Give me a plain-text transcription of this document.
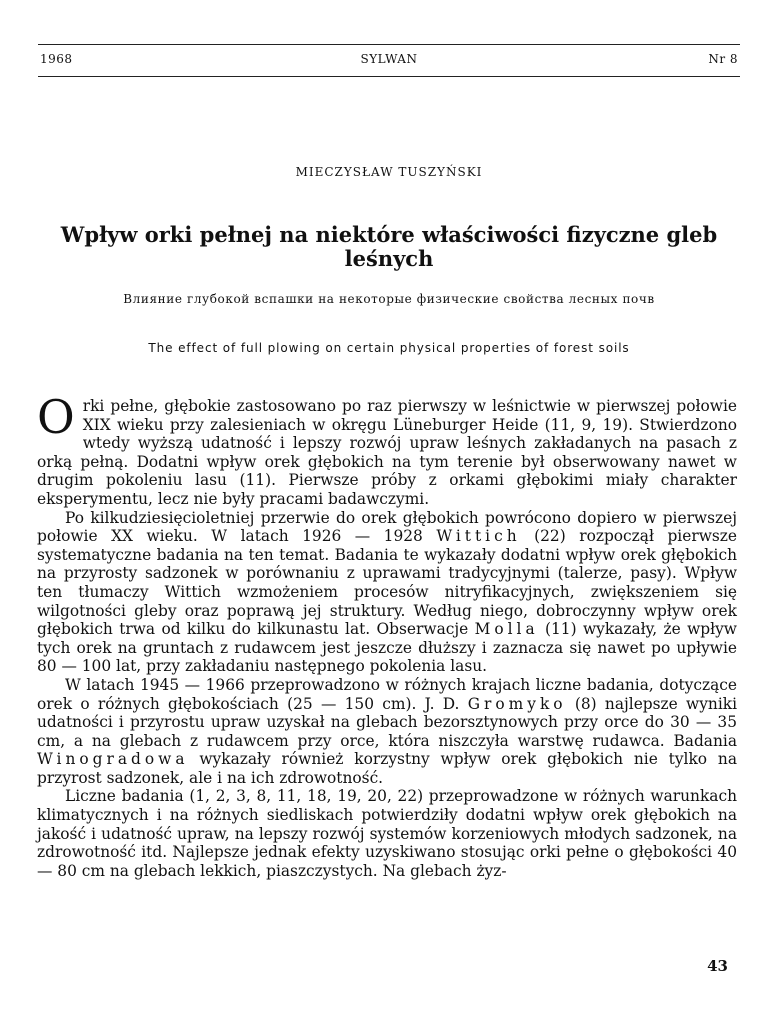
1968	SYLWAN	Nr 8
MIECZYSŁAW TUSZYŃSKI
Wpływ orki pełnej na niektóre właściwości fizyczne gleb leśnych
Влияние глубокой вспашки на некоторые физические свойства лесных почв
The effect of full plowing on certain physical properties of forest soils

Orki pełne, głębokie zastosowano po raz pierwszy w leśnictwie w pierwszej połowie XIX wieku przy zalesieniach w okręgu Lüneburger Heide (11, 9, 19). Stwierdzono wtedy wyższą udatność i lepszy rozwój upraw leśnych zakładanych na pasach z orką pełną. Dodatni wpływ orek głębokich na tym terenie był obserwowany nawet w drugim pokoleniu lasu (11). Pierwsze próby z orkami głębokimi miały charakter eksperymentu, lecz nie były pracami badawczymi.

Po kilkudziesięcioletniej przerwie do orek głębokich powrócono dopiero w pierwszej połowie XX wieku. W latach 1926 — 1928 Wittich (22) rozpoczął pierwsze systematyczne badania na ten temat. Badania te wykazały dodatni wpływ orek głębokich na przyrosty sadzonek w porównaniu z uprawami tradycyjnymi (talerze, pasy). Wpływ ten tłumaczy Wittich wzmożeniem procesów nitryfikacyjnych, zwiększeniem się wilgotności gleby oraz poprawą jej struktury. Według niego, dobroczynny wpływ orek głębokich trwa od kilku do kilkunastu lat. Obserwacje Molla (11) wykazały, że wpływ tych orek na gruntach z rudawcem jest jeszcze dłuższy i zaznacza się nawet po upływie 80 — 100 lat, przy zakładaniu następnego pokolenia lasu.

W latach 1945 — 1966 przeprowadzono w różnych krajach liczne badania, dotyczące orek o różnych głębokościach (25 — 150 cm). J. D. Gromyko (8) najlepsze wyniki udatności i przyrostu upraw uzyskał na glebach bezorsztynowych przy orce do 30 — 35 cm, a na glebach z rudawcem przy orce, która niszczyła warstwę rudawca. Badania Winogradowa wykazały również korzystny wpływ orek głębokich nie tylko na przyrost sadzonek, ale i na ich zdrowotność.

Liczne badania (1, 2, 3, 8, 11, 18, 19, 20, 22) przeprowadzone w różnych warunkach klimatycznych i na różnych siedliskach potwierdziły dodatni wpływ orek głębokich na jakość i udatność upraw, na lepszy rozwój systemów korzeniowych młodych sadzonek, na zdrowotność itd. Najlepsze jednak efekty uzyskiwano stosując orki pełne o głębokości 40 — 80 cm na glebach lekkich, piaszczystych. Na glebach żyz-

43
